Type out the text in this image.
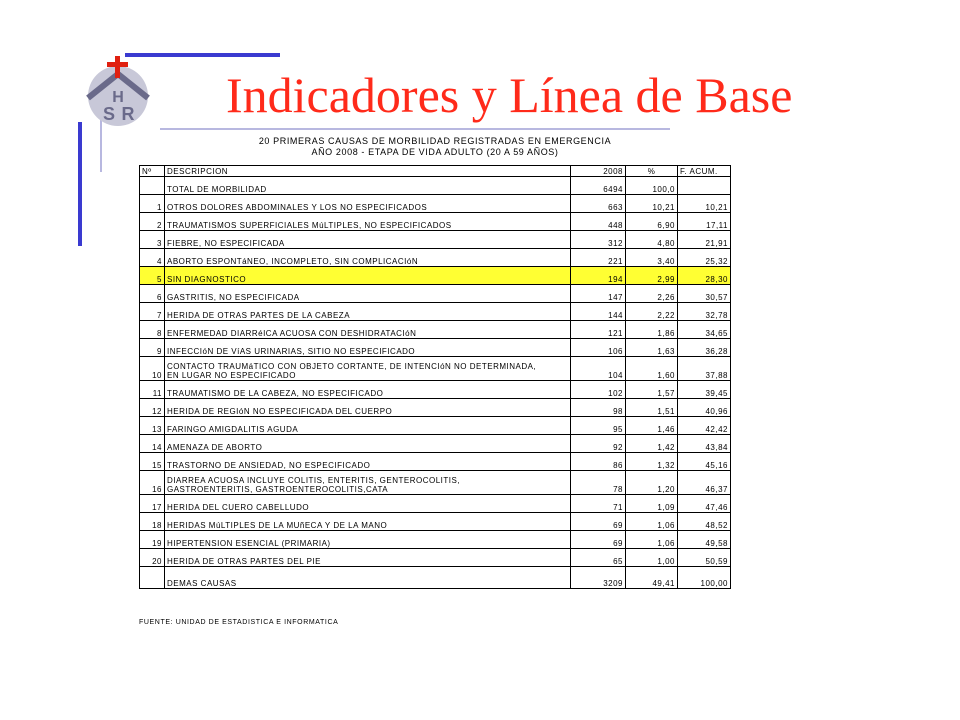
H
S R Indicadores y Línea de Base
20 PRIMERAS CAUSAS DE MORBILIDAD REGISTRADAS EN EMERGENCIA
AÑO 2008 - ETAPA DE VIDA ADULTO (20 A 59 AÑOS)
Nº	DESCRIPCION	2008	%	F. ACUM.
	TOTAL DE MORBILIDAD	6494	100,0	
1	OTROS DOLORES ABDOMINALES Y LOS NO ESPECIFICADOS	663	10,21	10,21
2	TRAUMATISMOS SUPERFICIALES MúLTIPLES, NO ESPECIFICADOS	448	6,90	17,11
3	FIEBRE, NO ESPECIFICADA	312	4,80	21,91
4	ABORTO ESPONTáNEO, INCOMPLETO, SIN COMPLICACIóN	221	3,40	25,32
5	SIN DIAGNOSTICO	194	2,99	28,30
6	GASTRITIS, NO ESPECIFICADA	147	2,26	30,57
7	HERIDA DE OTRAS PARTES DE LA CABEZA	144	2,22	32,78
8	ENFERMEDAD DIARRéICA ACUOSA CON DESHIDRATACIóN	121	1,86	34,65
9	INFECCIóN DE VíAS URINARIAS, SITIO NO ESPECIFICADO	106	1,63	36,28
10	CONTACTO TRAUMáTICO CON OBJETO CORTANTE, DE INTENCIóN NO DETERMINADA,
EN LUGAR NO ESPECIFICADO	104	1,60	37,88
11	TRAUMATISMO DE LA CABEZA, NO ESPECIFICADO	102	1,57	39,45
12	HERIDA DE REGIóN NO ESPECIFICADA DEL CUERPO	98	1,51	40,96
13	FARINGO AMIGDALITIS AGUDA	95	1,46	42,42
14	AMENAZA DE ABORTO	92	1,42	43,84
15	TRASTORNO DE ANSIEDAD, NO ESPECIFICADO	86	1,32	45,16
16	DIARREA ACUOSA INCLUYE COLITIS, ENTERITIS, GENTEROCOLITIS,
GASTROENTERITIS, GASTROENTEROCOLITIS,CATA	78	1,20	46,37
17	HERIDA DEL CUERO CABELLUDO	71	1,09	47,46
18	HERIDAS MúLTIPLES DE LA MUñECA Y DE LA MANO	69	1,06	48,52
19	HIPERTENSION ESENCIAL (PRIMARIA)	69	1,06	49,58
20	HERIDA DE OTRAS PARTES DEL PIE	65	1,00	50,59
	DEMAS CAUSAS	3209	49,41	100,00
FUENTE: UNIDAD DE ESTADISTICA E INFORMATICA
